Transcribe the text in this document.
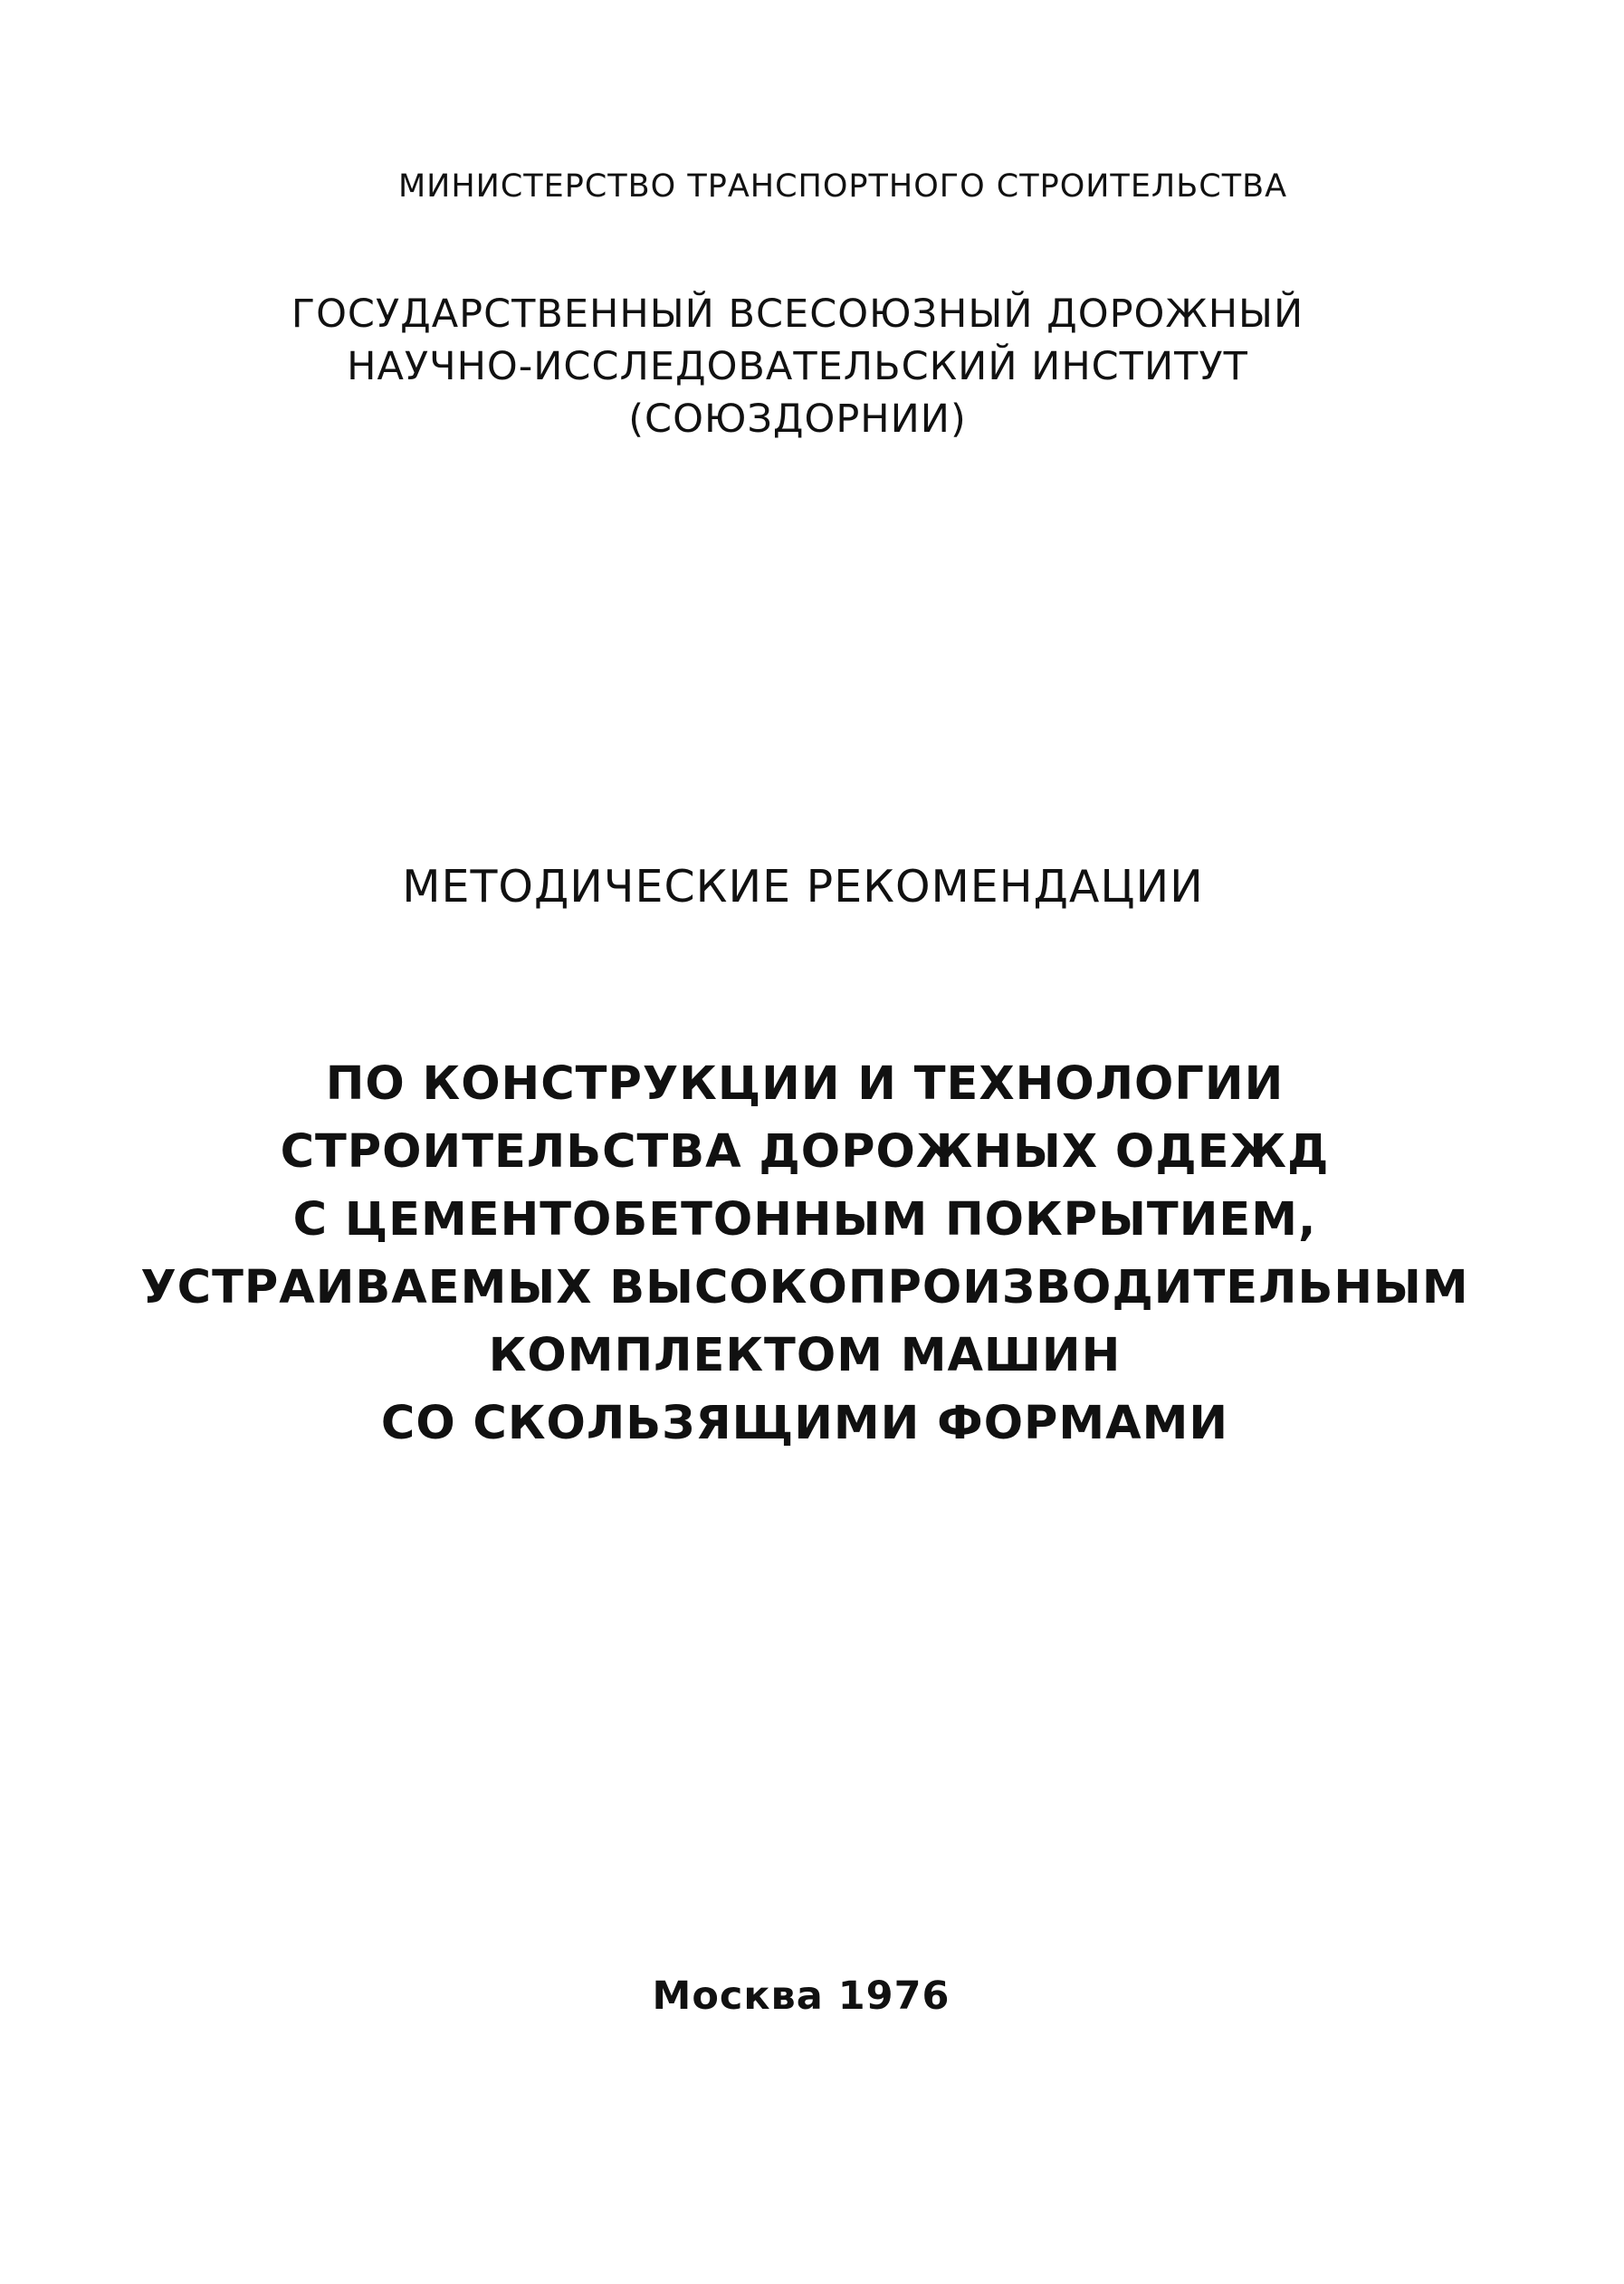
МИНИСТЕРСТВО ТРАНСПОРТНОГО СТРОИТЕЛЬСТВА
ГОСУДАРСТВЕННЫЙ ВСЕСОЮЗНЫЙ ДОРОЖНЫЙ
НАУЧНО-ИССЛЕДОВАТЕЛЬСКИЙ ИНСТИТУТ
(СОЮЗДОРНИИ)
МЕТОДИЧЕСКИЕ РЕКОМЕНДАЦИИ
ПО КОНСТРУКЦИИ И ТЕХНОЛОГИИ
СТРОИТЕЛЬСТВА ДОРОЖНЫХ ОДЕЖД
С ЦЕМЕНТОБЕТОННЫМ ПОКРЫТИЕМ,
УСТРАИВАЕМЫХ ВЫСОКОПРОИЗВОДИТЕЛЬНЫМ
КОМПЛЕКТОМ МАШИН
СО СКОЛЬЗЯЩИМИ ФОРМАМИ
Москва 1976
